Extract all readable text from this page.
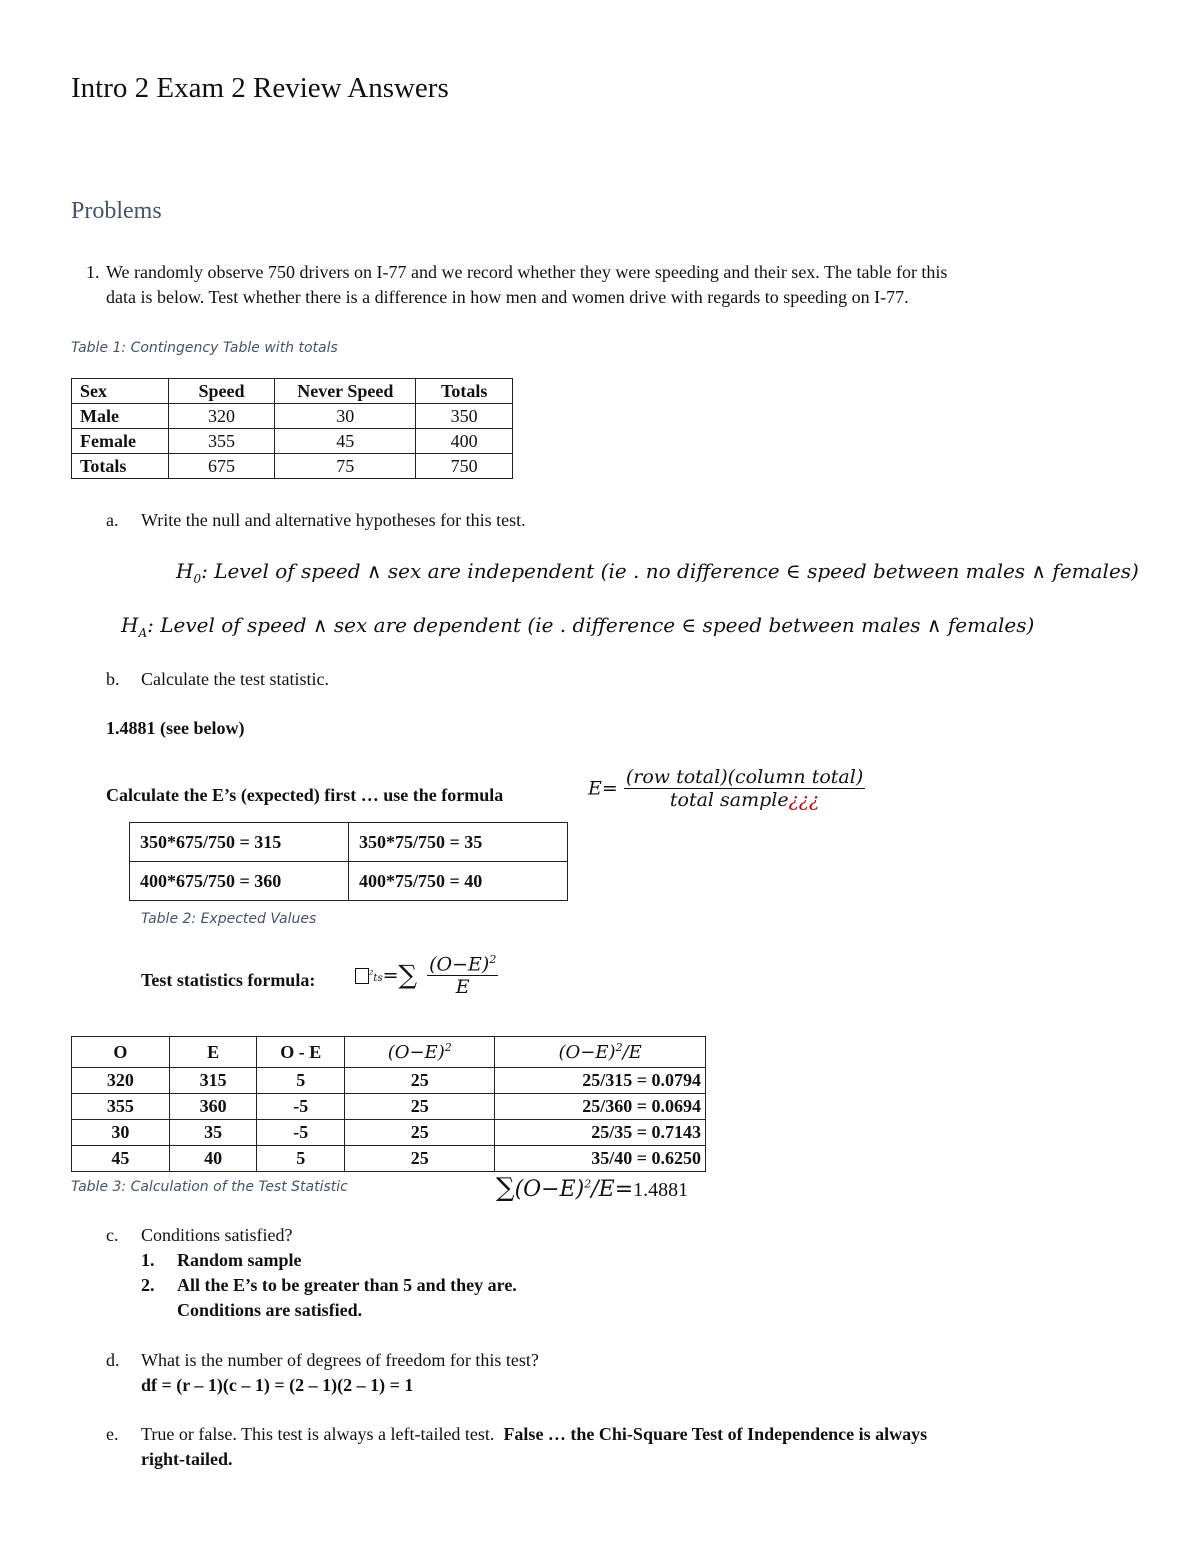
Intro 2 Exam 2 Review Answers
Problems
1. We randomly observe 750 drivers on I-77 and we record whether they were speeding and their sex. The table for this
data is below. Test whether there is a difference in how men and women drive with regards to speeding on I-77.
Table 1: Contingency Table with totals
Sex	Speed	Never Speed	Totals
Male	320	30	350
Female	355	45	400
Totals	675	75	750
a. Write the null and alternative hypotheses for this test.
$H_0$: Level of speed ∧ sex are independent (ie . no difference ∈ speed between males ∧ females)
$H_A$: Level of speed ∧ sex are dependent (ie . difference ∈ speed between males ∧ females)
b. Calculate the test statistic.
1.4881 (see below)
Calculate the E’s (expected) first … use the formula	$E= \frac{\text{(row total)(column total)}}{\text{total sample¿¿¿}}$
350*675/750 = 315	350*75/750 = 35
400*675/750 = 360	400*75/750 = 40
Table 2: Expected Values
Test statistics formula:	$^2_{ts}=\sum \frac{(O-E)^2}{E}$
O	E	O - E	$(O-E)^2$	$(O-E)^2/E$
320	315	5	25	25/315 = 0.0794
355	360	-5	25	25/360 = 0.0694
30	35	-5	25	25/35 = 0.7143
45	40	5	25	35/40 = 0.6250
Table 3: Calculation of the Test Statistic	$\sum(O-E)^2/E=1.4881$
c. Conditions satisfied?
1. Random sample
2. All the E’s to be greater than 5 and they are.
Conditions are satisfied.
d. What is the number of degrees of freedom for this test?
df = (r – 1)(c – 1) = (2 – 1)(2 – 1) = 1
e. True or false. This test is always a left-tailed test. False … the Chi-Square Test of Independence is always
right-tailed.
